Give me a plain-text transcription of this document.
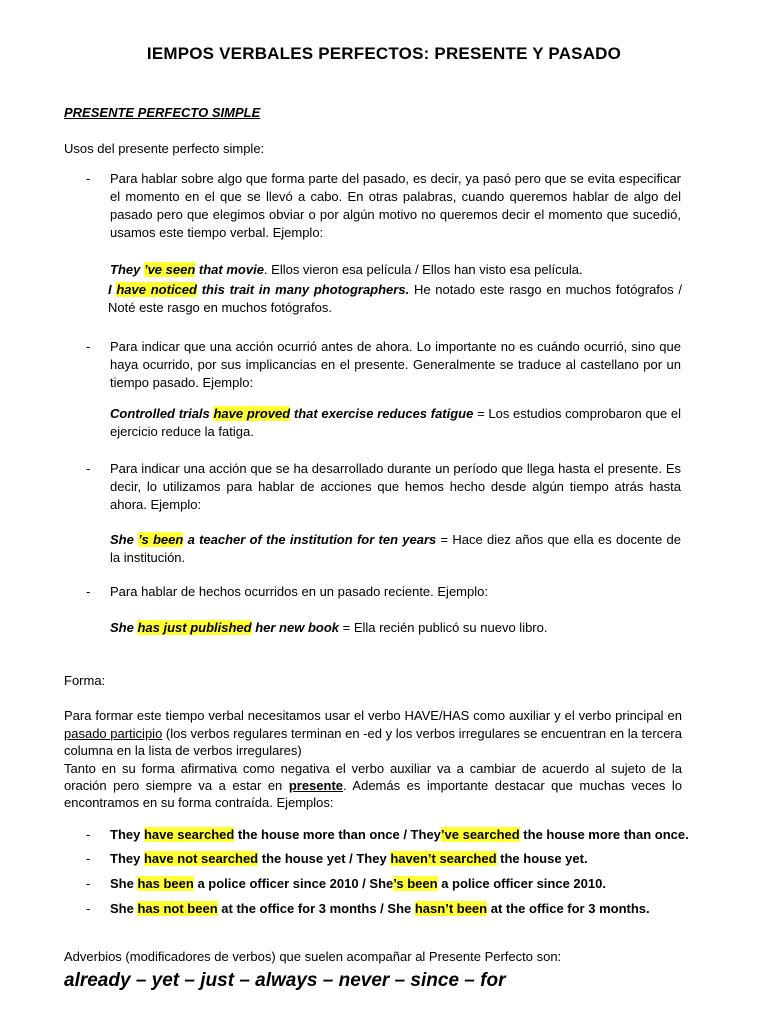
IEMPOS VERBALES PERFECTOS: PRESENTE Y PASADO
PRESENTE PERFECTO SIMPLE
Usos del presente perfecto simple:
- Para hablar sobre algo que forma parte del pasado, es decir, ya pasó pero que se evita especificar el momento en el que se llevó a cabo. En otras palabras, cuando queremos hablar de algo del pasado pero que elegimos obviar o por algún motivo no queremos decir el momento que sucedió, usamos este tiempo verbal. Ejemplo:
They ’ve seen that movie. Ellos vieron esa película / Ellos han visto esa película.
I have noticed this trait in many photographers. He notado este rasgo en muchos fotógrafos / Noté este rasgo en muchos fotógrafos.
- Para indicar que una acción ocurrió antes de ahora. Lo importante no es cuándo ocurrió, sino que haya ocurrido, por sus implicancias en el presente. Generalmente se traduce al castellano por un tiempo pasado. Ejemplo:
Controlled trials have proved that exercise reduces fatigue = Los estudios comprobaron que el ejercicio reduce la fatiga.
- Para indicar una acción que se ha desarrollado durante un período que llega hasta el presente. Es decir, lo utilizamos para hablar de acciones que hemos hecho desde algún tiempo atrás hasta ahora. Ejemplo:
She ’s been a teacher of the institution for ten years = Hace diez años que ella es docente de la institución.
- Para hablar de hechos ocurridos en un pasado reciente. Ejemplo:
She has just published her new book = Ella recién publicó su nuevo libro.
Forma:
Para formar este tiempo verbal necesitamos usar el verbo HAVE/HAS como auxiliar y el verbo principal en pasado participio (los verbos regulares terminan en -ed y los verbos irregulares se encuentran en la tercera columna en la lista de verbos irregulares)
Tanto en su forma afirmativa como negativa el verbo auxiliar va a cambiar de acuerdo al sujeto de la oración pero siempre va a estar en presente. Además es importante destacar que muchas veces lo encontramos en su forma contraída. Ejemplos:
- They have searched the house more than once / They’ve searched the house more than once.
- They have not searched the house yet / They haven’t searched the house yet.
- She has been a police officer since 2010 / She’s been a police officer since 2010.
- She has not been at the office for 3 months / She hasn’t been at the office for 3 months.
Adverbios (modificadores de verbos) que suelen acompañar al Presente Perfecto son:
already – yet – just – always – never – since – for
